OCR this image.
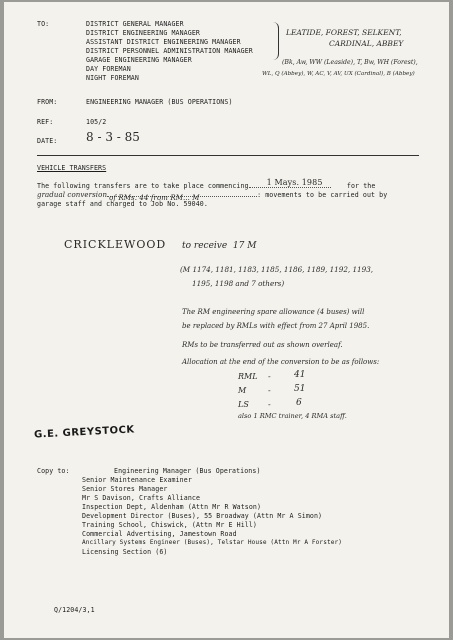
TO:	DISTRICT GENERAL MANAGER
DISTRICT ENGINEERING MANAGER
ASSISTANT DISTRICT ENGINEERING MANAGER
DISTRICT PERSONNEL ADMINISTRATION MANAGER
GARAGE ENGINEERING MANAGER
DAY FOREMAN
NIGHT FOREMAN
LEATIDE, FOREST, SELKENT,
CARDINAL, ABBEY
(Bk, Aw, WW (Leaside), T, Bw, WH (Forest),
WL, Q (Abbey), W, AC, V, AV, UX (Cardinal), B (Abbey)
FROM:	ENGINEERING MANAGER (BUS OPERATIONS)
REF:	105/2
DATE: 8 - 3 - 85
VEHICLE TRANSFERS
The following transfers are to take place commencing 1 Mays. 1985	for the
gradual conversion of RMs. 44 from RM... M	: movements to be carried out by
garage staff and charged to Job No. 59040.
CRICKLEWOOD to receive  17 M
(M 1174, 1181, 1183, 1185, 1186, 1189, 1192, 1193,
1195, 1198 and 7 others)
The RM engineering spare allowance (4 buses) will
be replaced by RMLs with effect from 27 April 1985.
RMs to be transferred out as shown overleaf.
Allocation at the end of the conversion to be as follows:
RML -	41
M	-	51
LS -	6
also 1 RMC trainer, 4 RMA staff.
G.E. GREYSTOCK
Copy to:	Engineering Manager (Bus Operations)
Senior Maintenance Examiner
Senior Stores Manager
Mr S Davison, Crafts Alliance
Inspection Dept, Aldenham (Attn Mr R Watson)
Development Director (Buses), 55 Broadway (Attn Mr A Simon)
Training School, Chiswick, (Attn Mr E Hill)
Commercial Advertising, Jamestown Road
Ancillary Systems Engineer (Buses), Telstar House (Attn Mr A Forster)
Licensing Section (6)
Q/1204/3,1
